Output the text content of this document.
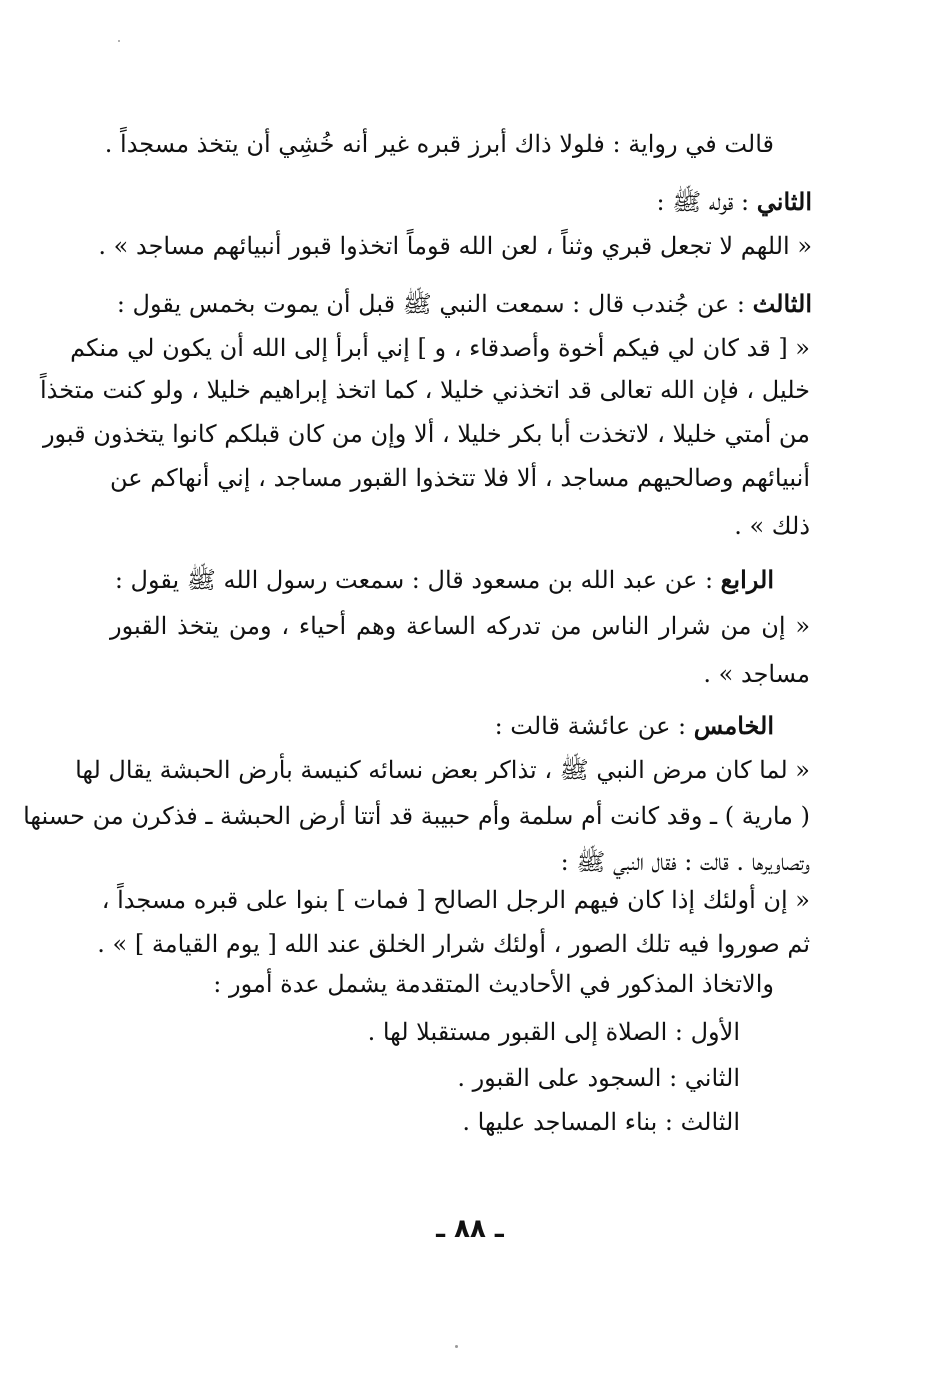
قالت في رواية : فلولا ذاك أبرز قبره غير أنه خُشِي أن يتخذ مسجداً .
الثاني : قوله ﷺ :
« اللهم لا تجعل قبري وثناً ، لعن الله قوماً اتخذوا قبور أنبيائهم مساجد » .
الثالث : عن جُندب قال : سمعت النبي ﷺ قبل أن يموت بخمس يقول :
« [ قد كان لي فيكم أخوة وأصدقاء ، و ] إني أبرأ إلى الله أن يكون لي منكم
خليل ، فإن الله تعالى قد اتخذني خليلا ، كما اتخذ إبراهيم خليلا ، ولو كنت متخذاً
من أمتي خليلا ، لاتخذت أبا بكر خليلا ، ألا وإن من كان قبلكم كانوا يتخذون قبور
أنبيائهم وصالحيهم مساجد ، ألا فلا تتخذوا القبور مساجد ، إني أنهاكم عن
ذلك » .
الرابع : عن عبد الله بن مسعود قال : سمعت رسول الله ﷺ يقول :
« إن من شرار الناس من تدركه الساعة وهم أحياء ، ومن يتخذ القبور
مساجد » .
الخامس : عن عائشة قالت :
« لما كان مرض النبي ﷺ ، تذاكر بعض نسائه كنيسة بأرض الحبشة يقال لها
( مارية ) ـ وقد كانت أم سلمة وأم حبيبة قد أتتا أرض الحبشة ـ فذكرن من حسنها
وتصاويرها . قالت : فقال النبي ﷺ :
« إن أولئك إذا كان فيهم الرجل الصالح [ فمات ] بنوا على قبره مسجداً ،
ثم صوروا فيه تلك الصور ، أولئك شرار الخلق عند الله [ يوم القيامة ] » .
والاتخاذ المذكور في الأحاديث المتقدمة يشمل عدة أمور :
الأول : الصلاة إلى القبور مستقبلا لها .
الثاني : السجود على القبور .
الثالث : بناء المساجد عليها .
ـ ٨٨ ـ
